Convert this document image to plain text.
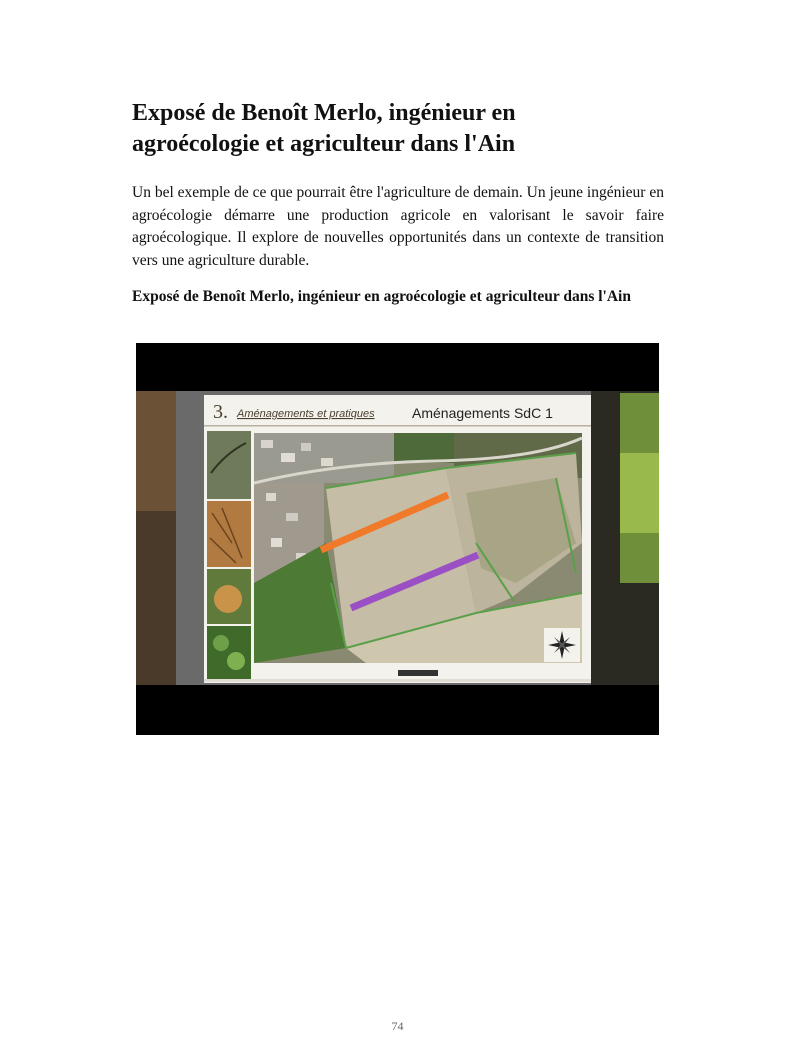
Exposé de Benoît Merlo, ingénieur en
agroécologie et agriculteur dans l'Ain

Un bel exemple de ce que pourrait être l'agriculture de demain. Un jeune ingénieur en agroécologie démarre une production agricole en valorisant le savoir faire agroécologique. Il explore de nouvelles opportunités dans un contexte de transition vers une agriculture durable.

Exposé de Benoît Merlo, ingénieur en agroécologie et agriculteur dans l'Ain

3. Aménagements et pratiques	Aménagements SdC 1
74
